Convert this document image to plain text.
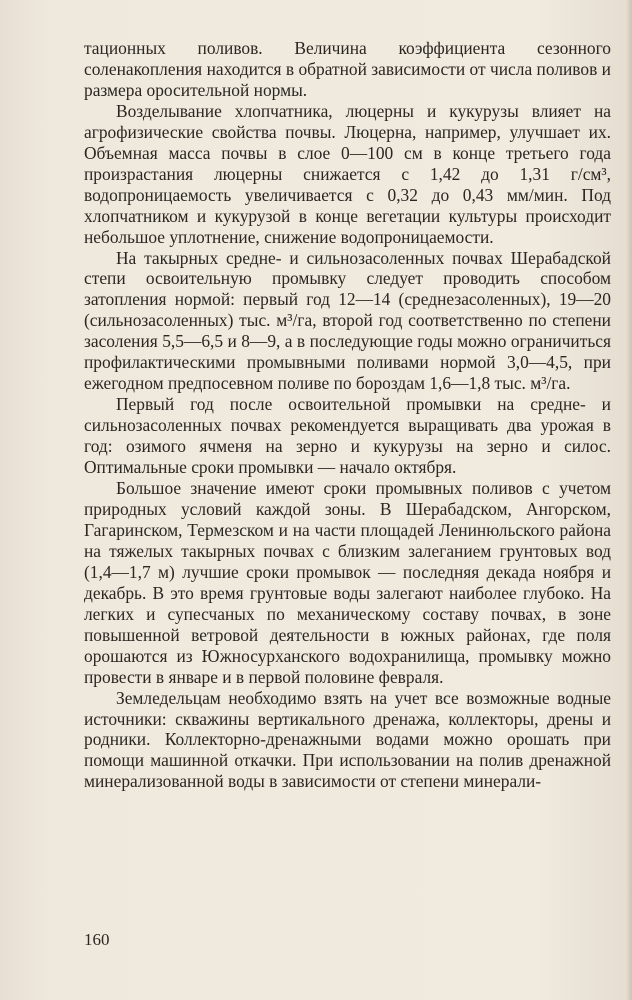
тационных поливов. Величина коэффициента сезонного соленакопления находится в обратной зависимости от числа поливов и размера оросительной нормы.

Возделывание хлопчатника, люцерны и кукурузы влияет на агрофизические свойства почвы. Люцерна, например, улучшает их. Объемная масса почвы в слое 0—100 см в конце третьего года произрастания люцерны снижается с 1,42 до 1,31 г/см³, водопроницаемость увеличивается с 0,32 до 0,43 мм/мин. Под хлопчатником и кукурузой в конце вегетации культуры происходит небольшое уплотнение, снижение водопроницаемости.

На такырных средне- и сильнозасоленных почвах Шерабадской степи освоительную промывку следует проводить способом затопления нормой: первый год 12—14 (среднезасоленных), 19—20 (сильнозасоленных) тыс. м³/га, второй год соответственно по степени засоления 5,5—6,5 и 8—9, а в последующие годы можно ограничиться профилактическими промывными поливами нормой 3,0—4,5, при ежегодном предпосевном поливе по бороздам 1,6—1,8 тыс. м³/га.

Первый год после освоительной промывки на средне- и сильнозасоленных почвах рекомендуется выращивать два урожая в год: озимого ячменя на зерно и кукурузы на зерно и силос. Оптимальные сроки промывки — начало октября.

Большое значение имеют сроки промывных поливов с учетом природных условий каждой зоны. В Шерабадском, Ангорском, Гагаринском, Термезском и на части площадей Ленинюльского района на тяжелых такырных почвах с близким залеганием грунтовых вод (1,4—1,7 м) лучшие сроки промывок — последняя декада ноября и декабрь. В это время грунтовые воды залегают наиболее глубоко. На легких и супесчаных по механическому составу почвах, в зоне повышенной ветровой деятельности в южных районах, где поля орошаются из Южносурханского водохранилища, промывку можно провести в январе и в первой половине февраля.

Земледельцам необходимо взять на учет все возможные водные источники: скважины вертикального дренажа, коллекторы, дрены и родники. Коллекторно-дренажными водами можно орошать при помощи машинной откачки. При использовании на полив дренажной минерализованной воды в зависимости от степени минерали-

160
